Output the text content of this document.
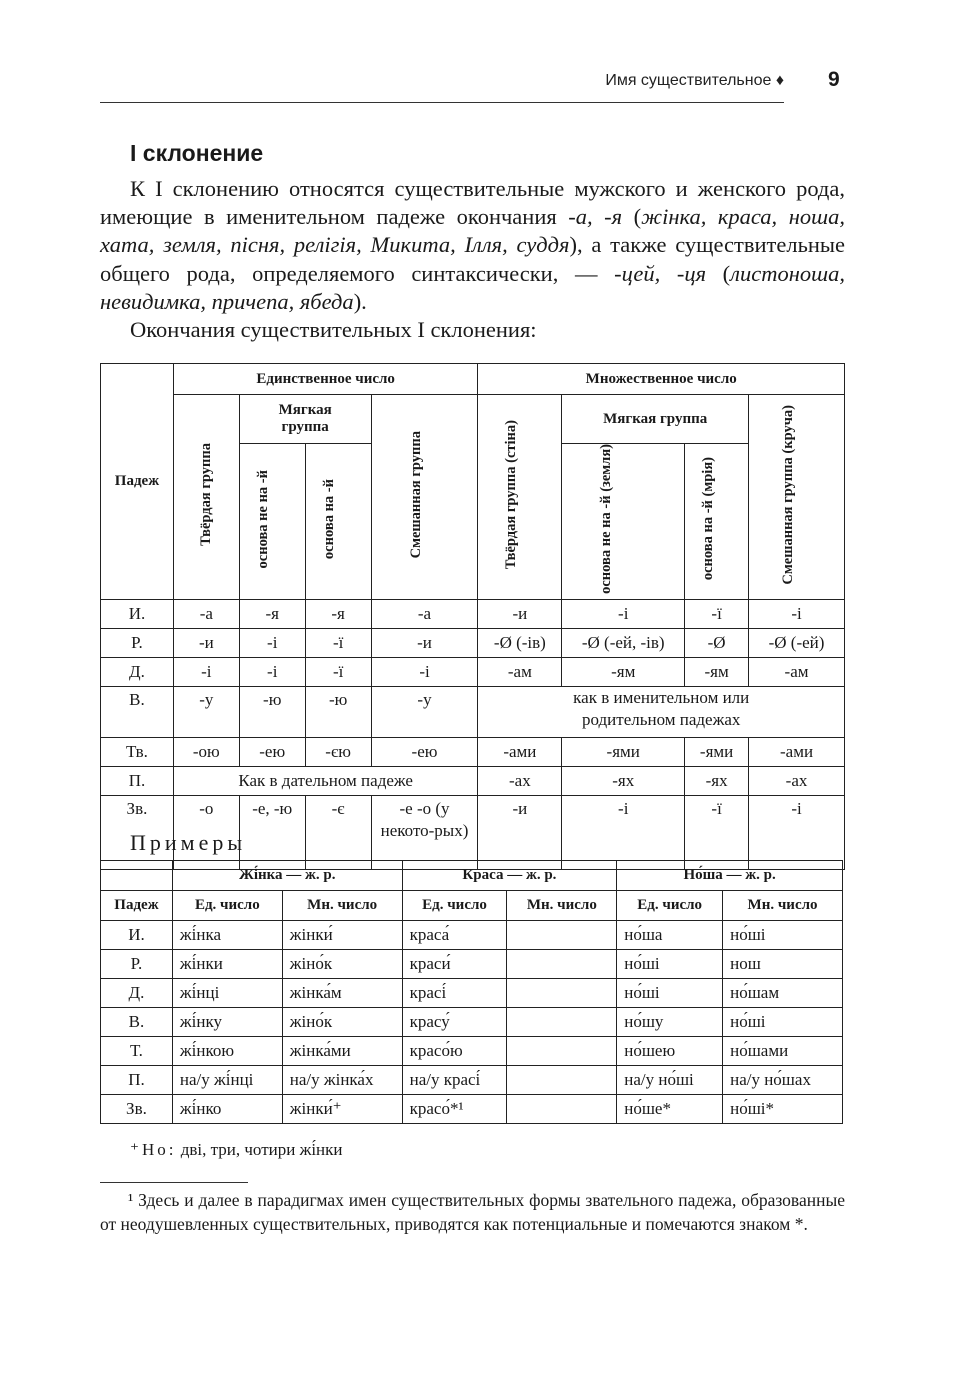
Имя существительное ♦ 9
I склонение

К I склонению относятся существительные мужского и женского рода, имеющие в именительном падеже окончания -а, -я (жінка, краса, ноша, хата, земля, пісня, релігія, Микита, Ілля, суддя), а также существительные общего рода, определяемого синтаксически, — -цей, -ця (листоноша, невидимка, причепа, ябеда).

Окончания существительных I склонения:

Падеж	Единственное число				Множественное число			
	Твёрдая группа	Мягкая группа		Смешанная группа	Твёрдая группа (стіна)	Мягкая группа		Смешанная группа (круча)
		основа не на -й	основа на -й			основа не на -й (земля)	основа на -й (мрія)	
И.	-а	-я	-я	-а	-и	-і	-ї	-і
Р.	-и	-і	-ї	-и	-Ø (-ів)	-Ø (-ей, -ів)	-Ø	-Ø (-ей)
Д.	-і	-і	-ї	-і	-ам	-ям	-ям	-ам
В.	-у	-ю	-ю	-у	как в именительном или родительном падежах			
Тв.	-ою	-ею	-єю	-ею	-ами	-ями	-ями	-ами
П.	Как в дательном падеже				-ах	-ях	-ях	-ах
Зв.	-о	-е, -ю	-є	-е -о (у некото-рых)	-и	-і	-ї	-і
Примеры
	Жі́нка — ж. р.		Краса — ж. р.		Но́ша — ж. р.	
Падеж	Ед. число	Мн. число	Ед. число	Мн. число	Ед. число	Мн. число
И.	жі́нка	жінки́	краса́		но́ша	но́ші
Р.	жі́нки	жіно́к	краси́		но́ші	нош
Д.	жі́нці	жінка́м	красі́		но́ші	но́шам
В.	жі́нку	жіно́к	красу́		но́шу	но́ші
Т.	жі́нкою	жінка́ми	красо́ю		но́шею	но́шами
П.	на/у жі́нці	на/у жінка́х	на/у красі́		на/у но́ші	на/у но́шах
Зв.	жі́нко	жінки́⁺	красо́*¹		но́ше*	но́ші*
⁺Но: дві, три, чотири жі́нки

¹ Здесь и далее в парадигмах имен существительных формы звательного падежа, образованные от неодушевленных существительных, приводятся как потенциальные и помечаются знаком *.
